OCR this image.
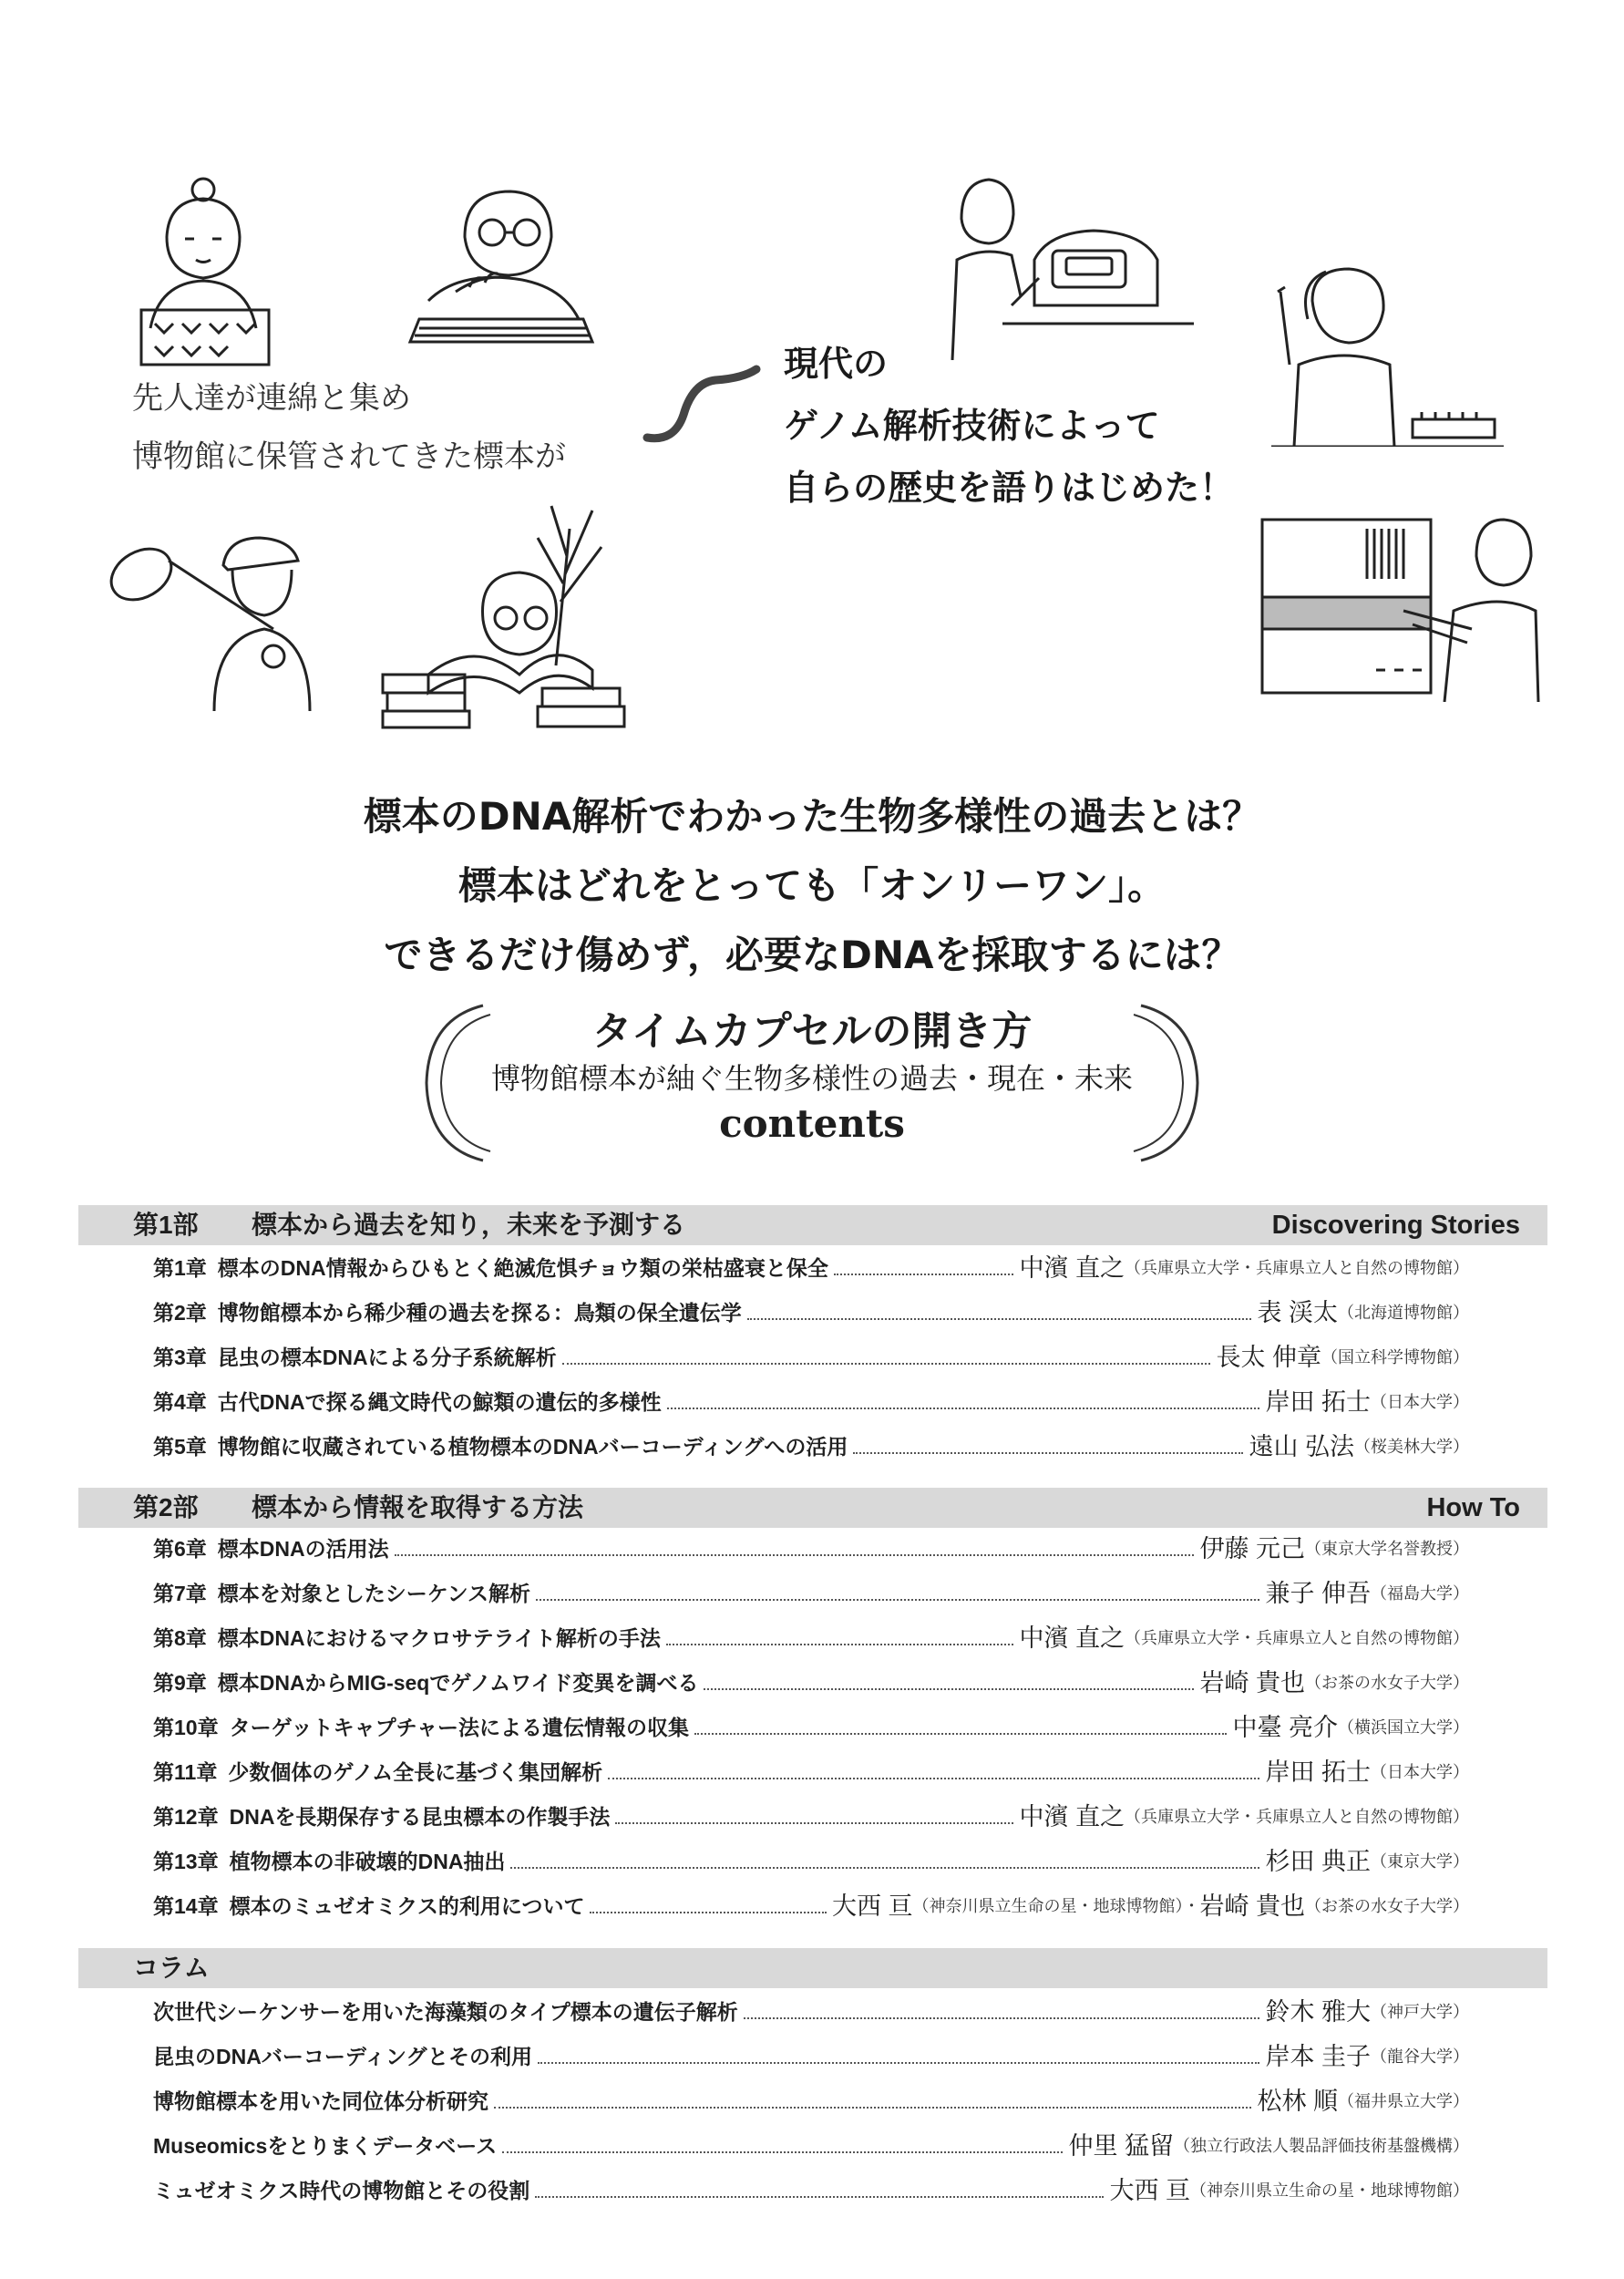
先人達が連綿と集め
博物館に保管されてきた標本が
現代の
ゲノム解析技術によって
自らの歴史を語りはじめた！
標本のDNA解析でわかった生物多様性の過去とは？
標本はどれをとっても「オンリーワン」。
できるだけ傷めず，必要なDNAを採取するには？
タイムカプセルの開き方
博物館標本が紬ぐ生物多様性の過去・現在・未来
contents
第1部 標本から過去を知り，未来を予測する	Discovering Stories
第1章 標本のDNA情報からひもとく絶滅危惧チョウ類の栄枯盛衰と保全	中濱 直之 （兵庫県立大学・兵庫県立人と自然の博物館）
第2章 博物館標本から稀少種の過去を探る：鳥類の保全遺伝学	表 渓太 （北海道博物館）
第3章 昆虫の標本DNAによる分子系統解析	長太 伸章 （国立科学博物館）
第4章 古代DNAで探る縄文時代の鯨類の遺伝的多様性	岸田 拓士 （日本大学）
第5章 博物館に収蔵されている植物標本のDNAバーコーディングへの活用	遠山 弘法 （桜美林大学）
第2部 標本から情報を取得する方法	How To
第6章 標本DNAの活用法	伊藤 元己 （東京大学名誉教授）
第7章 標本を対象としたシーケンス解析	兼子 伸吾 （福島大学）
第8章 標本DNAにおけるマクロサテライト解析の手法	中濱 直之 （兵庫県立大学・兵庫県立人と自然の博物館）
第9章 標本DNAからMIG-seqでゲノムワイド変異を調べる	岩崎 貴也 （お茶の水女子大学）
第10章 ターゲットキャプチャー法による遺伝情報の収集	中臺 亮介 （横浜国立大学）
第11章 少数個体のゲノム全長に基づく集団解析	岸田 拓士 （日本大学）
第12章 DNAを長期保存する昆虫標本の作製手法	中濱 直之 （兵庫県立大学・兵庫県立人と自然の博物館）
第13章 植物標本の非破壊的DNA抽出	杉田 典正 （東京大学）
第14章 標本のミュゼオミクス的利用について	大西 亘 （神奈川県立生命の星・地球博物館）・ 岩崎 貴也 （お茶の水女子大学）
コラム
次世代シーケンサーを用いた海藻類のタイプ標本の遺伝子解析	鈴木 雅大 （神戸大学）
昆虫のDNAバーコーディングとその利用	岸本 圭子 （龍谷大学）
博物館標本を用いた同位体分析研究	松林 順 （福井県立大学）
Museomicsをとりまくデータベース	仲里 猛留 （独立行政法人製品評価技術基盤機構）
ミュゼオミクス時代の博物館とその役割	大西 亘 （神奈川県立生命の星・地球博物館）
